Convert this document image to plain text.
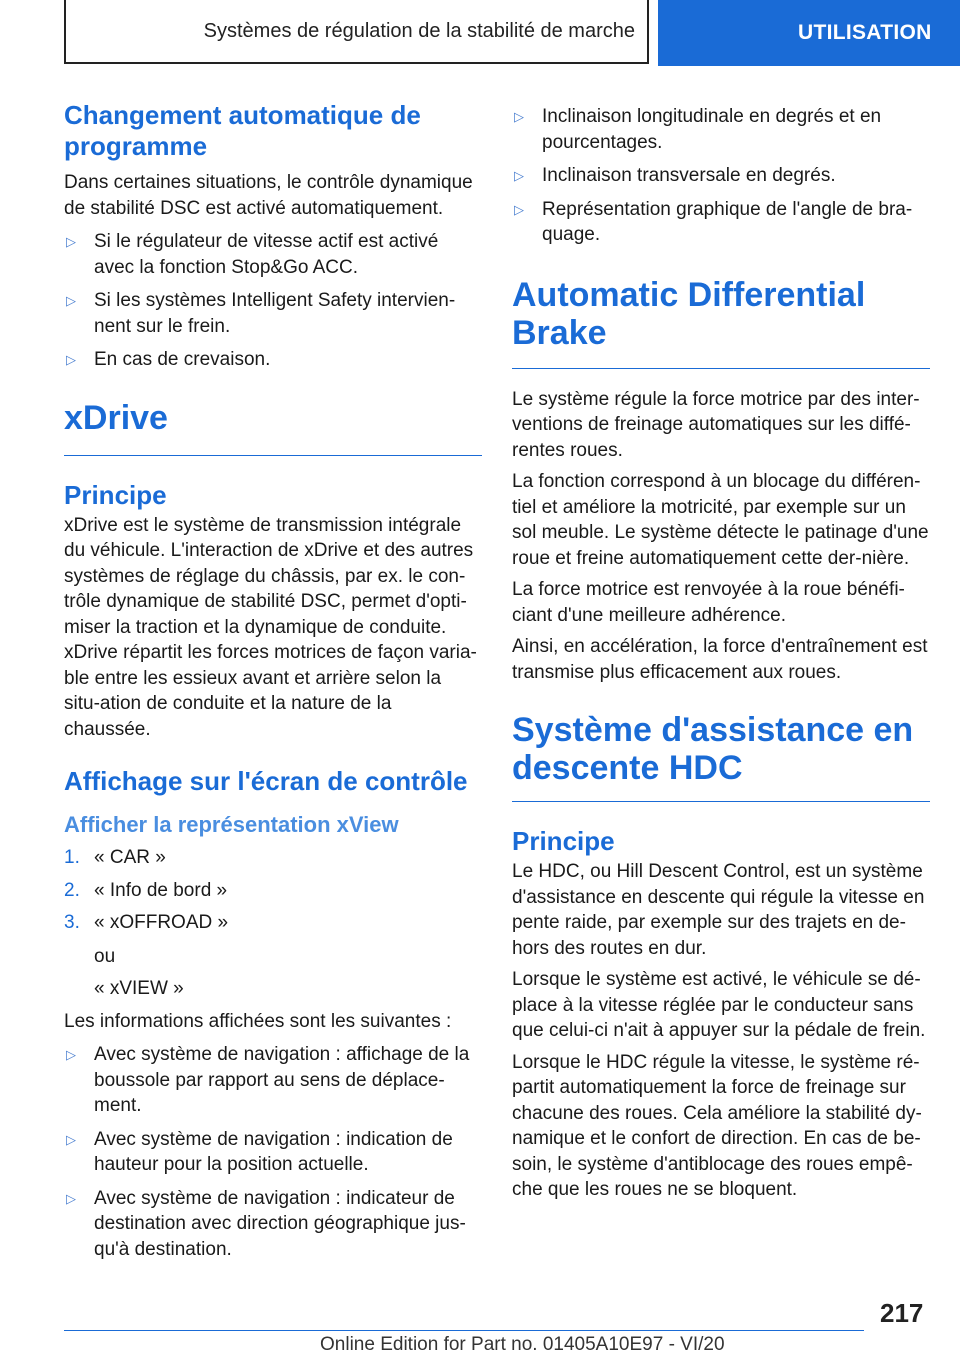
Systèmes de régulation de la stabilité de marche	UTILISATION
Changement automatique de programme

Dans certaines situations, le contrôle dynamique de stabilité DSC est activé automatiquement.

▷ Si le régulateur de vitesse actif est activé avec la fonction Stop&Go ACC.
▷ Si les systèmes Intelligent Safety intervien-nent sur le frein.
▷ En cas de crevaison.
xDrive
Principe

xDrive est le système de transmission intégrale du véhicule. L'interaction de xDrive et des autres systèmes de réglage du châssis, par ex. le con-trôle dynamique de stabilité DSC, permet d'opti-miser la traction et la dynamique de conduite.

xDrive répartit les forces motrices de façon varia-ble entre les essieux avant et arrière selon la situ-ation de conduite et la nature de la chaussée.

Affichage sur l'écran de contrôle
Afficher la représentation xView
1. « CAR »
2. « Info de bord »
3. « xOFFROAD »
ou
« xVIEW »

Les informations affichées sont les suivantes :

▷ Avec système de navigation : affichage de la boussole par rapport au sens de déplace-ment.
▷ Avec système de navigation : indication de hauteur pour la position actuelle.
▷ Avec système de navigation : indicateur de destination avec direction géographique jus-qu'à destination.
▷ Inclinaison longitudinale en degrés et en pourcentages.
▷ Inclinaison transversale en degrés.
▷ Représentation graphique de l'angle de bra-quage.
Automatic Differential Brake

Le système régule la force motrice par des inter-ventions de freinage automatiques sur les diffé-rentes roues.

La fonction correspond à un blocage du différen-tiel et améliore la motricité, par exemple sur un sol meuble. Le système détecte le patinage d'une roue et freine automatiquement cette der-nière.

La force motrice est renvoyée à la roue bénéfi-ciant d'une meilleure adhérence.

Ainsi, en accélération, la force d'entraînement est transmise plus efficacement aux roues.

Système d'assistance en descente HDC
Principe

Le HDC, ou Hill Descent Control, est un système d'assistance en descente qui régule la vitesse en pente raide, par exemple sur des trajets en de-hors des routes en dur.

Lorsque le système est activé, le véhicule se dé-place à la vitesse réglée par le conducteur sans que celui-ci n'ait à appuyer sur la pédale de frein.

Lorsque le HDC régule la vitesse, le système ré-partit automatiquement la force de freinage sur chacune des roues. Cela améliore la stabilité dy-namique et le confort de direction. En cas de be-soin, le système d'antiblocage des roues empê-che que les roues ne se bloquent.

217
Online Edition for Part no. 01405A10E97 - VI/20
